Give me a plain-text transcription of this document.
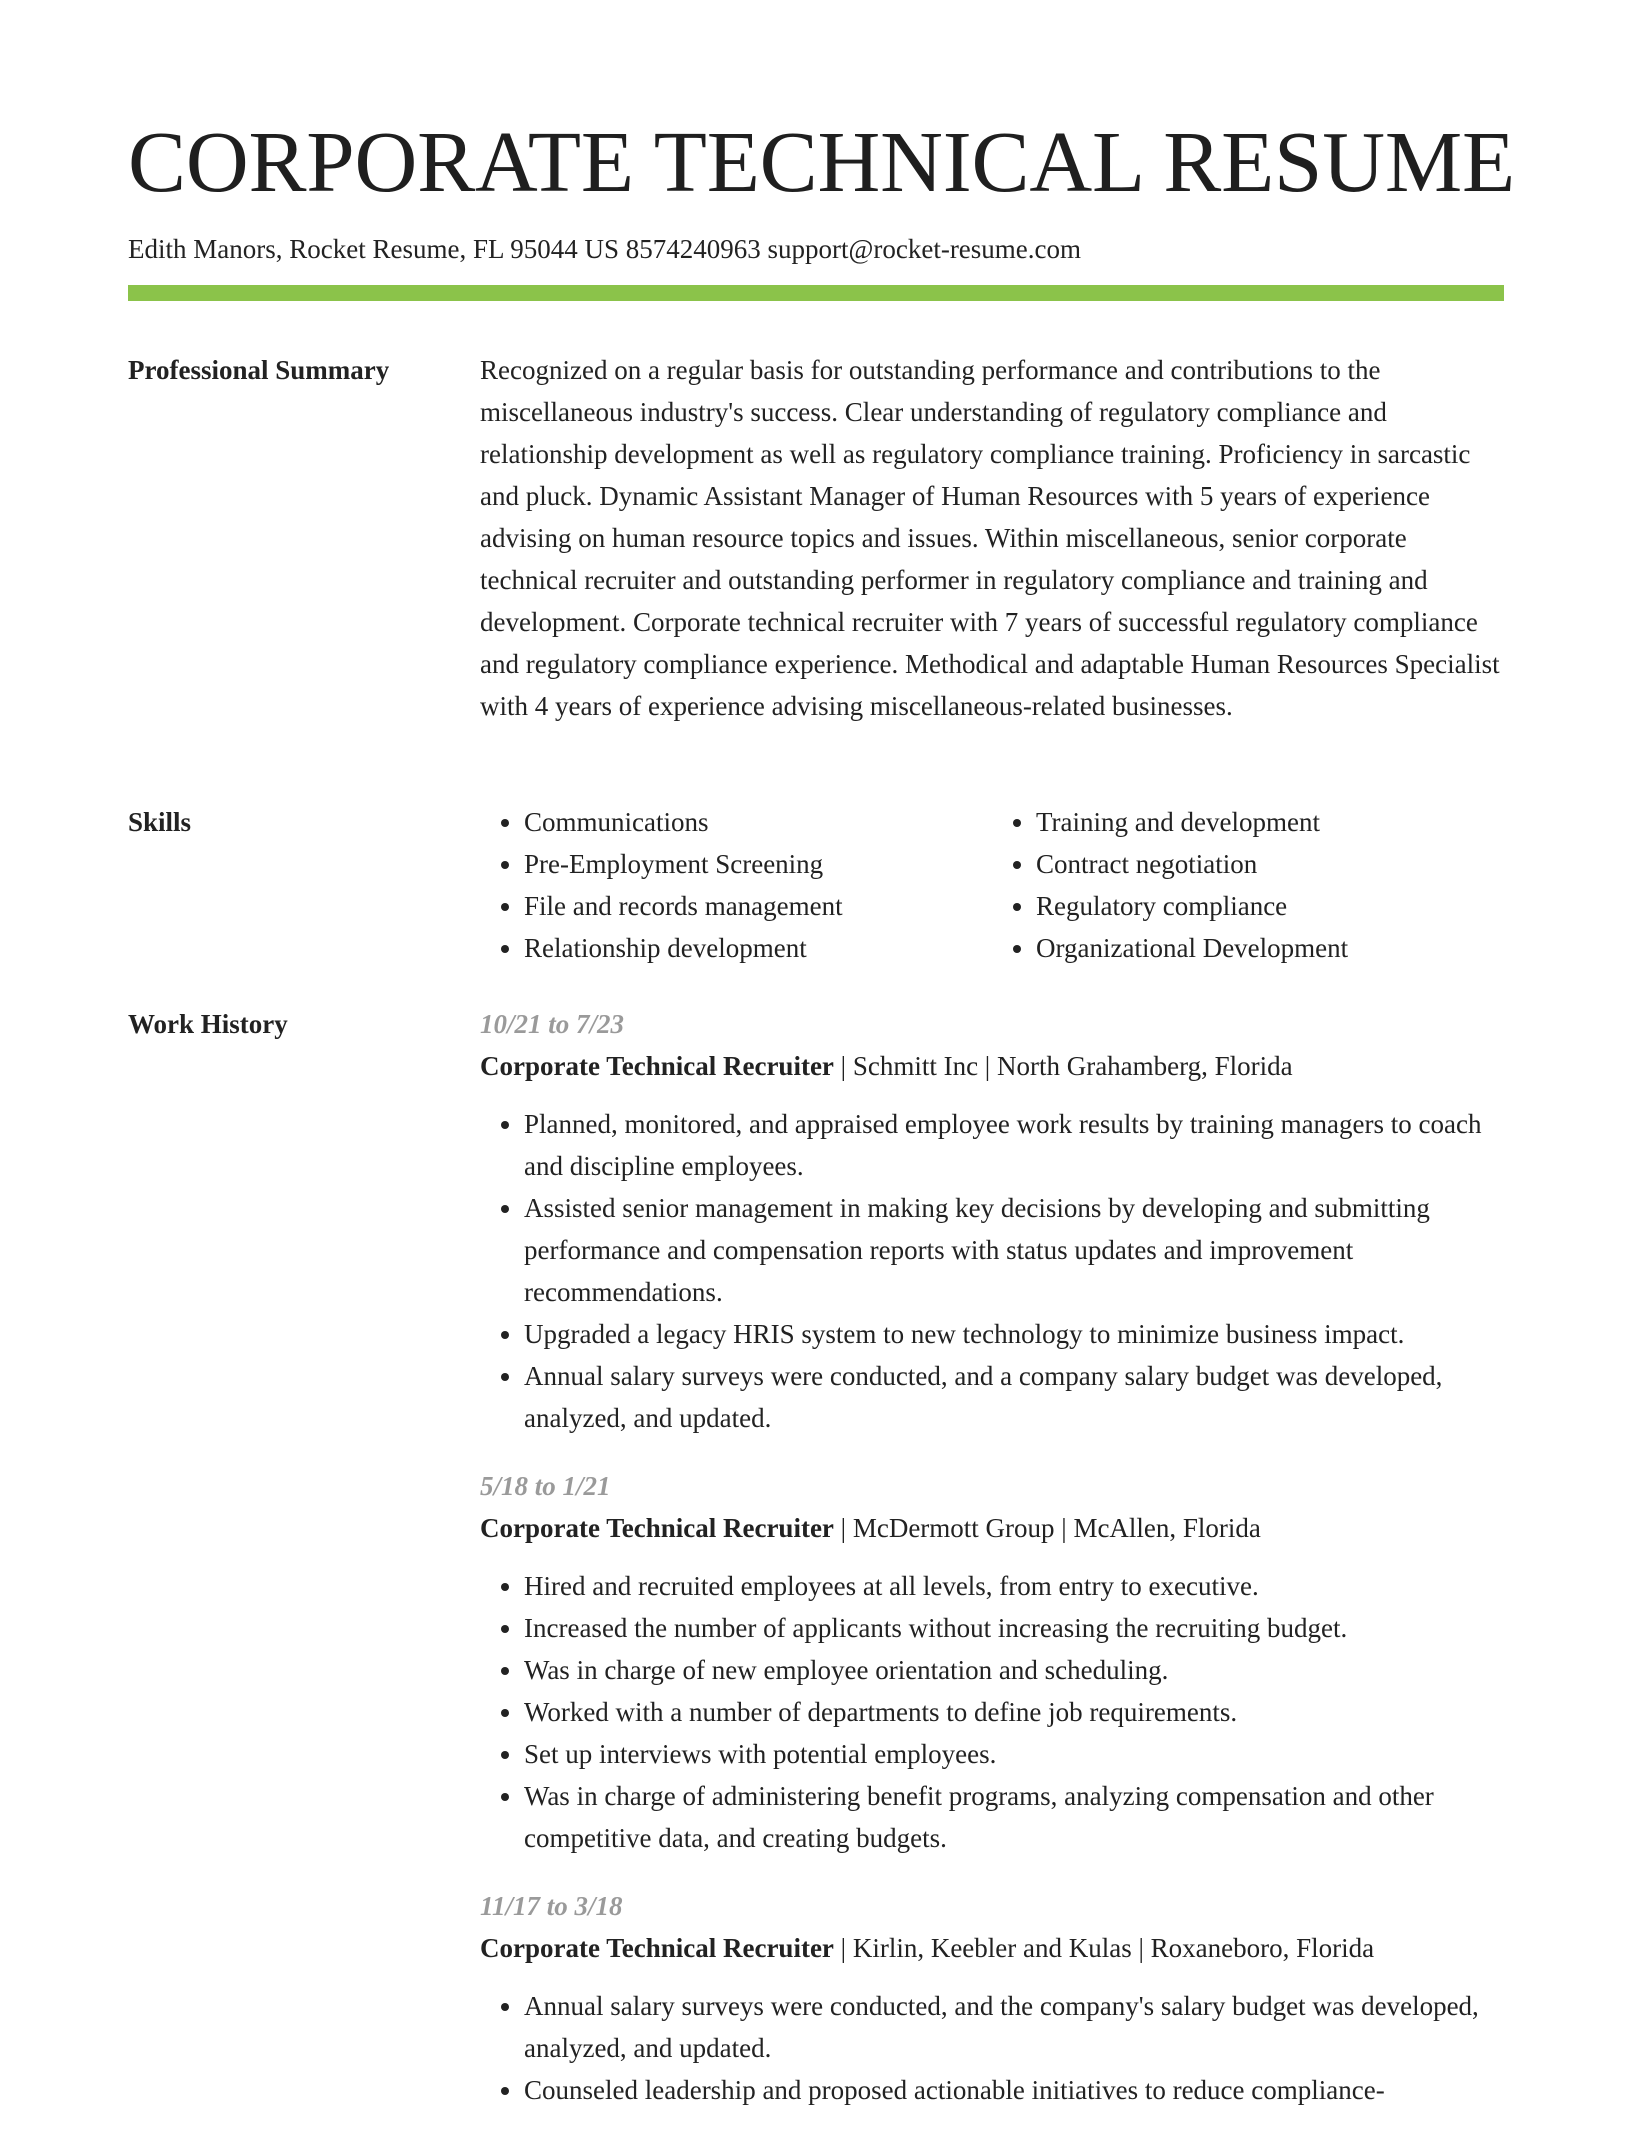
CORPORATE TECHNICAL RESUME
Edith Manors, Rocket Resume, FL 95044 US 8574240963 support@rocket-resume.com
Professional Summary	Recognized on a regular basis for outstanding performance and contributions to the miscellaneous industry's success. Clear understanding of regulatory compliance and relationship development as well as regulatory compliance training. Proficiency in sarcastic and pluck. Dynamic Assistant Manager of Human Resources with 5 years of experience advising on human resource topics and issues. Within miscellaneous, senior corporate technical recruiter and outstanding performer in regulatory compliance and training and development. Corporate technical recruiter with 7 years of successful regulatory compliance and regulatory compliance experience. Methodical and adaptable Human Resources Specialist with 4 years of experience advising miscellaneous-related businesses.

Skills
•	Communications
• Pre-Employment Screening
• File and records management
• Relationship development
• Training and development
• Contract negotiation
• Regulatory compliance
• Organizational Development
Work History	10/21 to 7/23
Corporate Technical Recruiter | Schmitt Inc | North Grahamberg, Florida
• Planned, monitored, and appraised employee work results by training managers to coach and discipline employees.
• Assisted senior management in making key decisions by developing and submitting performance and compensation reports with status updates and improvement recommendations.
• Upgraded a legacy HRIS system to new technology to minimize business impact.
• Annual salary surveys were conducted, and a company salary budget was developed, analyzed, and updated.
5/18 to 1/21
Corporate Technical Recruiter | McDermott Group | McAllen, Florida
• Hired and recruited employees at all levels, from entry to executive.
• Increased the number of applicants without increasing the recruiting budget.
• Was in charge of new employee orientation and scheduling.
• Worked with a number of departments to define job requirements.
• Set up interviews with potential employees.
• Was in charge of administering benefit programs, analyzing compensation and other competitive data, and creating budgets.
11/17 to 3/18
Corporate Technical Recruiter | Kirlin, Keebler and Kulas | Roxaneboro, Florida
• Annual salary surveys were conducted, and the company's salary budget was developed, analyzed, and updated.
• Counseled leadership and proposed actionable initiatives to reduce compliance-
